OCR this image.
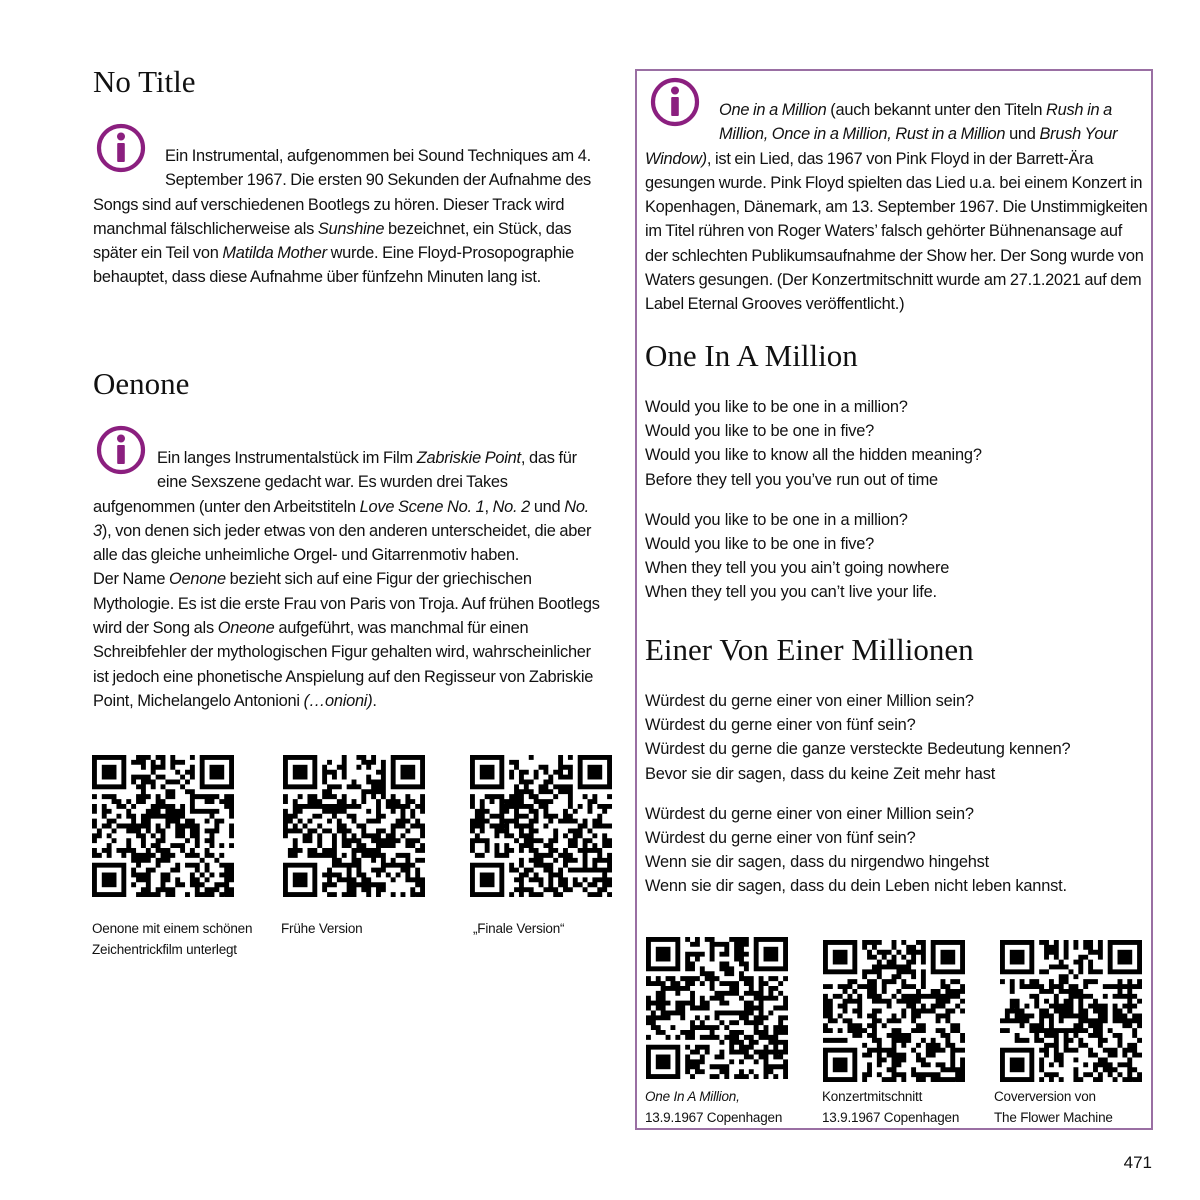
No Title

Ein Instrumental, aufgenommen bei Sound Techniques am 4. September 1967. Die ersten 90 Sekunden der Aufnahme des Songs sind auf verschiedenen Bootlegs zu hören. Dieser Track wird manchmal fälschlicherweise als Sunshine bezeichnet, ein Stück, das später ein Teil von Matilda Mother wurde. Eine Floyd-Prosopographie behauptet, dass diese Aufnahme über fünfzehn Minuten lang ist.

Oenone

Ein langes Instrumentalstück im Film Zabriskie Point, das für eine Sexszene gedacht war. Es wurden drei Takes aufgenommen (unter den Arbeitstiteln Love Scene No. 1, No. 2 und No. 3), von denen sich jeder etwas von den anderen unterscheidet, die aber alle das gleiche unheimliche Orgel- und Gitarrenmotiv haben.

Der Name Oenone bezieht sich auf eine Figur der griechischen Mythologie. Es ist die erste Frau von Paris von Troja. Auf frühen Bootlegs wird der Song als Oneone aufgeführt, was manchmal für einen Schreibfehler der mythologischen Figur gehalten wird, wahrscheinlicher ist jedoch eine phonetische Anspielung auf den Regisseur von Zabriskie Point, Michelangelo Antonioni (…onioni).

Oenone mit einem schönen
Zeichentrickfilm unterlegt
Frühe Version	„Finale Version“

One in a Million (auch bekannt unter den Titeln Rush in a Million, Once in a Million, Rust in a Million und Brush Your Window), ist ein Lied, das 1967 von Pink Floyd in der Barrett-Ära gesungen wurde. Pink Floyd spielten das Lied u.a. bei einem Konzert in Kopenhagen, Dänemark, am 13. September 1967. Die Unstimmigkeiten im Titel rühren von Roger Waters’ falsch gehörter Bühnenansage auf der schlechten Publikumsaufnahme der Show her. Der Song wurde von Waters gesungen. (Der Konzertmitschnitt wurde am 27.1.2021 auf dem Label Eternal Grooves veröffentlicht.)

One In A Million
Would you like to be one in a million?
Would you like to be one in five?
Would you like to know all the hidden meaning?
Before they tell you you’ve run out of time
Would you like to be one in a million?
Would you like to be one in five?
When they tell you you ain’t going nowhere
When they tell you you can’t live your life.
Einer Von Einer Millionen
Würdest du gerne einer von einer Million sein?
Würdest du gerne einer von fünf sein?
Würdest du gerne die ganze versteckte Bedeutung kennen?
Bevor sie dir sagen, dass du keine Zeit mehr hast
Würdest du gerne einer von einer Million sein?
Würdest du gerne einer von fünf sein?
Wenn sie dir sagen, dass du nirgendwo hingehst
Wenn sie dir sagen, dass du dein Leben nicht leben kannst.
One In A Million,
13.9.1967 Copenhagen
Konzertmitschnitt
13.9.1967 Copenhagen
Coverversion von
The Flower Machine
471
